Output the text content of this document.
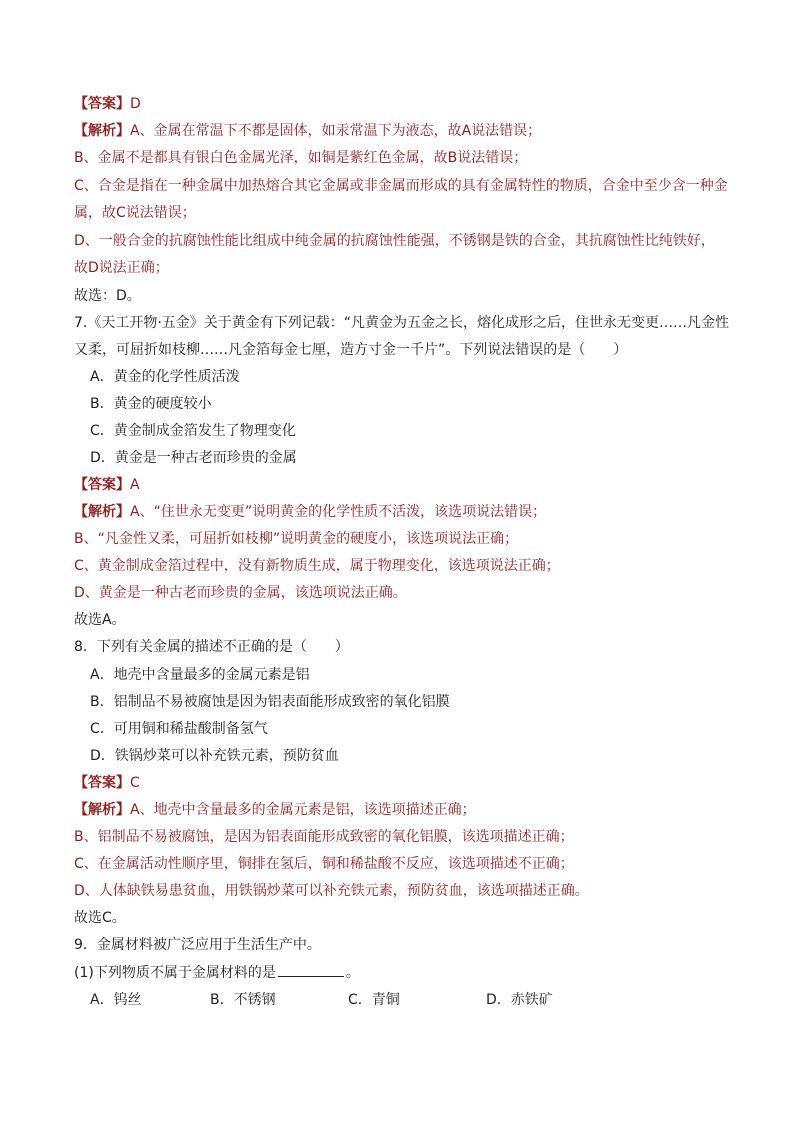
【答案】D
【解析】A、金属在常温下不都是固体，如汞常温下为液态，故A说法错误；
B、金属不是都具有银白色金属光泽，如铜是紫红色金属，故B说法错误；
C、合金是指在一种金属中加热熔合其它金属或非金属而形成的具有金属特性的物质，合金中至少含一种金
属，故C说法错误；
D、一般合金的抗腐蚀性能比组成中纯金属的抗腐蚀性能强，不锈钢是铁的合金，其抗腐蚀性比纯铁好，
故D说法正确；
故选：D。
7.《天工开物·五金》关于黄金有下列记载：“凡黄金为五金之长，熔化成形之后，住世永无变更……凡金性
又柔，可屈折如枝柳……凡金箔每金七厘，造方寸金一千片”。下列说法错误的是（　　）
A．黄金的化学性质活泼
B．黄金的硬度较小
C．黄金制成金箔发生了物理变化
D．黄金是一种古老而珍贵的金属
【答案】A
【解析】A、“住世永无变更”说明黄金的化学性质不活泼，该选项说法错误；
B、“凡金性又柔，可屈折如枝柳”说明黄金的硬度小，该选项说法正确；
C、黄金制成金箔过程中，没有新物质生成，属于物理变化，该选项说法正确；
D、黄金是一种古老而珍贵的金属，该选项说法正确。
故选A。
8．下列有关金属的描述不正确的是（　　）
A．地壳中含量最多的金属元素是铝
B．铝制品不易被腐蚀是因为铝表面能形成致密的氧化铝膜
C．可用铜和稀盐酸制备氢气
D．铁锅炒菜可以补充铁元素，预防贫血
【答案】C
【解析】A、地壳中含量最多的金属元素是铝，该选项描述正确；
B、铝制品不易被腐蚀，是因为铝表面能形成致密的氧化铝膜，该选项描述正确；
C、在金属活动性顺序里，铜排在氢后，铜和稀盐酸不反应，该选项描述不正确；
D、人体缺铁易患贫血，用铁锅炒菜可以补充铁元素，预防贫血，该选项描述正确。
故选C。
9．金属材料被广泛应用于生活生产中。
(1)下列物质不属于金属材料的是	。
A．钨丝	B．不锈钢	C．青铜	D．赤铁矿
